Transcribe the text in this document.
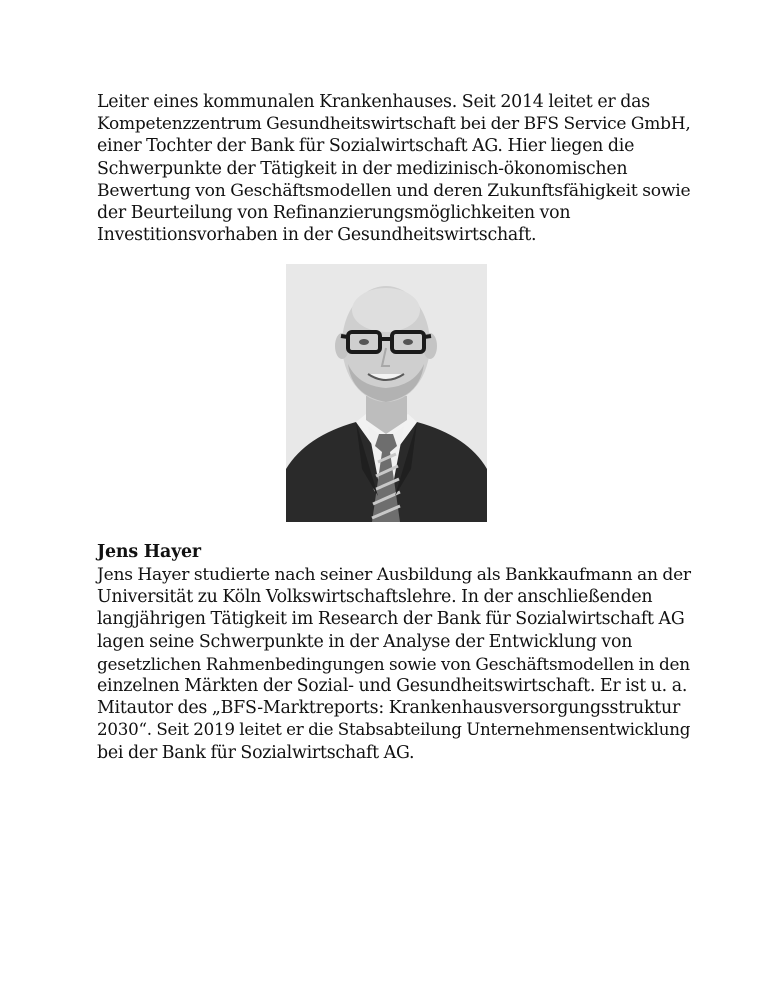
Leiter eines kommunalen Krankenhauses. Seit 2014 leitet er das
Kompetenzzentrum Gesundheitswirtschaft bei der BFS Service GmbH,
einer Tochter der Bank für Sozialwirtschaft AG. Hier liegen die
Schwerpunkte der Tätigkeit in der medizinisch-ökonomischen
Bewertung von Geschäftsmodellen und deren Zukunftsfähigkeit sowie
der Beurteilung von Refinanzierungsmöglichkeiten von
Investitionsvorhaben in der Gesundheitswirtschaft.

Jens Hayer

Jens Hayer studierte nach seiner Ausbildung als Bankkaufmann an der
Universität zu Köln Volkswirtschaftslehre. In der anschließenden
langjährigen Tätigkeit im Research der Bank für Sozialwirtschaft AG
lagen seine Schwerpunkte in der Analyse der Entwicklung von
gesetzlichen Rahmenbedingungen sowie von Geschäftsmodellen in den
einzelnen Märkten der Sozial- und Gesundheitswirtschaft. Er ist u. a.
Mitautor des „BFS-Marktreports: Krankenhausversorgungsstruktur
2030“. Seit 2019 leitet er die Stabsabteilung Unternehmensentwicklung
bei der Bank für Sozialwirtschaft AG.
